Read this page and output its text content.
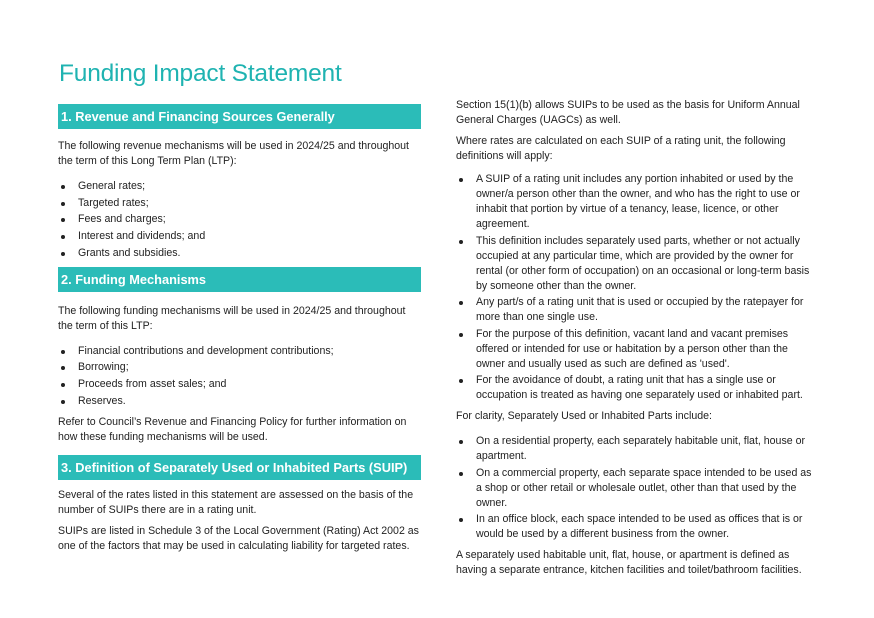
Funding Impact Statement
1. Revenue and Financing Sources Generally

The following revenue mechanisms will be used in 2024/25 and throughout the term of this Long Term Plan (LTP):

General rates;
Targeted rates;
Fees and charges;
Interest and dividends; and
Grants and subsidies.
2. Funding Mechanisms

The following funding mechanisms will be used in 2024/25 and throughout the term of this LTP:

Financial contributions and development contributions;
Borrowing;
Proceeds from asset sales; and
Reserves.

Refer to Council’s Revenue and Financing Policy for further information on how these funding mechanisms will be used.

3. Definition of Separately Used or Inhabited Parts (SUIP)

Several of the rates listed in this statement are assessed on the basis of the number of SUIPs there are in a rating unit.

SUIPs are listed in Schedule 3 of the Local Government (Rating) Act 2002 as one of the factors that may be used in calculating liability for targeted rates.

Section 15(1)(b) allows SUIPs to be used as the basis for Uniform Annual General Charges (UAGCs) as well.

Where rates are calculated on each SUIP of a rating unit, the following definitions will apply:

A SUIP of a rating unit includes any portion inhabited or used by the owner/a person other than the owner, and who has the right to use or inhabit that portion by virtue of a tenancy, lease, licence, or other agreement.
This definition includes separately used parts, whether or not actually occupied at any particular time, which are provided by the owner for rental (or other form of occupation) on an occasional or long-term basis by someone other than the owner.
Any part/s of a rating unit that is used or occupied by the ratepayer for more than one single use.
For the purpose of this definition, vacant land and vacant premises offered or intended for use or habitation by a person other than the owner and usually used as such are defined as 'used'.
For the avoidance of doubt, a rating unit that has a single use or occupation is treated as having one separately used or inhabited part.

For clarity, Separately Used or Inhabited Parts include:

On a residential property, each separately habitable unit, flat, house or apartment.
On a commercial property, each separate space intended to be used as a shop or other retail or wholesale outlet, other than that used by the owner.
In an office block, each space intended to be used as offices that is or would be used by a different business from the owner.

A separately used habitable unit, flat, house, or apartment is defined as having a separate entrance, kitchen facilities and toilet/bathroom facilities.
